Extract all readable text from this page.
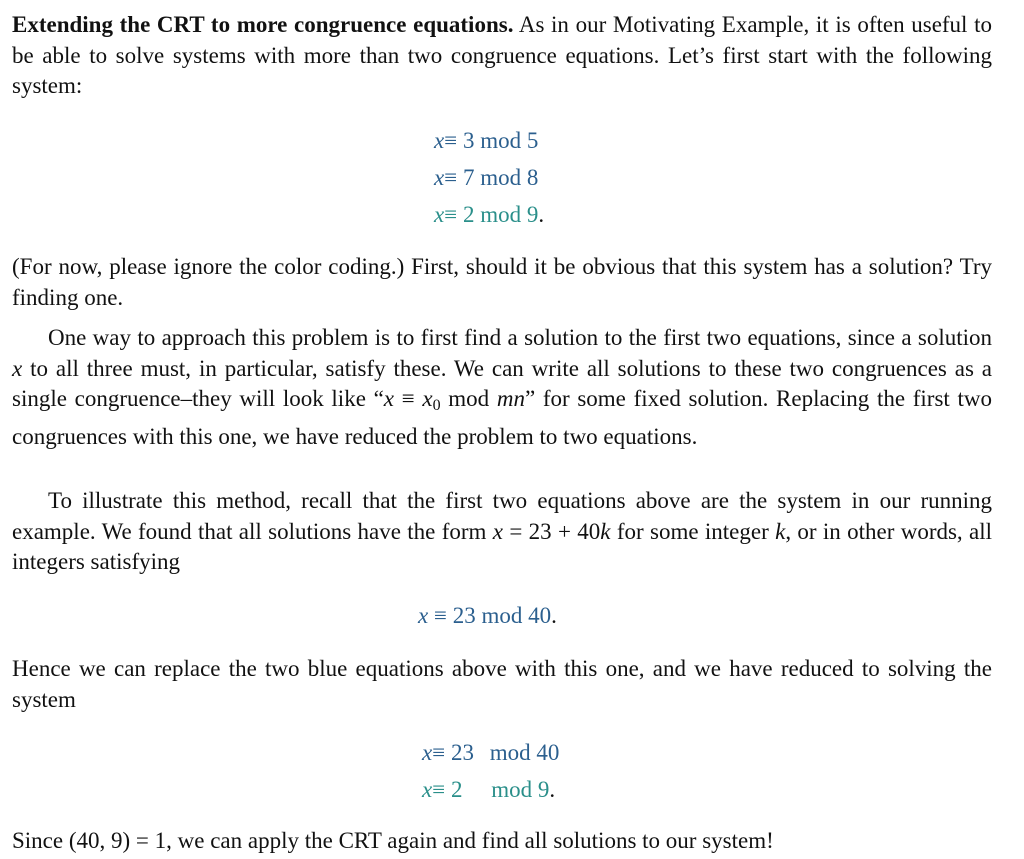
Extending the CRT to more congruence equations. As in our Motivating Example, it is often useful to be able to solve systems with more than two congruence equations. Let’s first start with the following system:

x≡ 3 mod 5
x≡ 7 mod 8
x≡ 2 mod 9.

(For now, please ignore the color coding.) First, should it be obvious that this system has a solution? Try finding one.

One way to approach this problem is to first find a solution to the first two equations, since a solution x to all three must, in particular, satisfy these. We can write all solutions to these two congruences as a single congruence–they will look like “$x \equiv x_0$ mod mn” for some fixed solution. Replacing the first two congruences with this one, we have reduced the problem to two equations.

To illustrate this method, recall that the first two equations above are the system in our running example. We found that all solutions have the form x = 23 + 40k for some integer k, or in other words, all integers satisfying

x ≡ 23 mod 40.

Hence we can replace the two blue equations above with this one, and we have reduced to solving the system

x≡ 23 mod 40
x≡ 2 mod 9.

Since (40, 9) = 1, we can apply the CRT again and find all solutions to our system!
